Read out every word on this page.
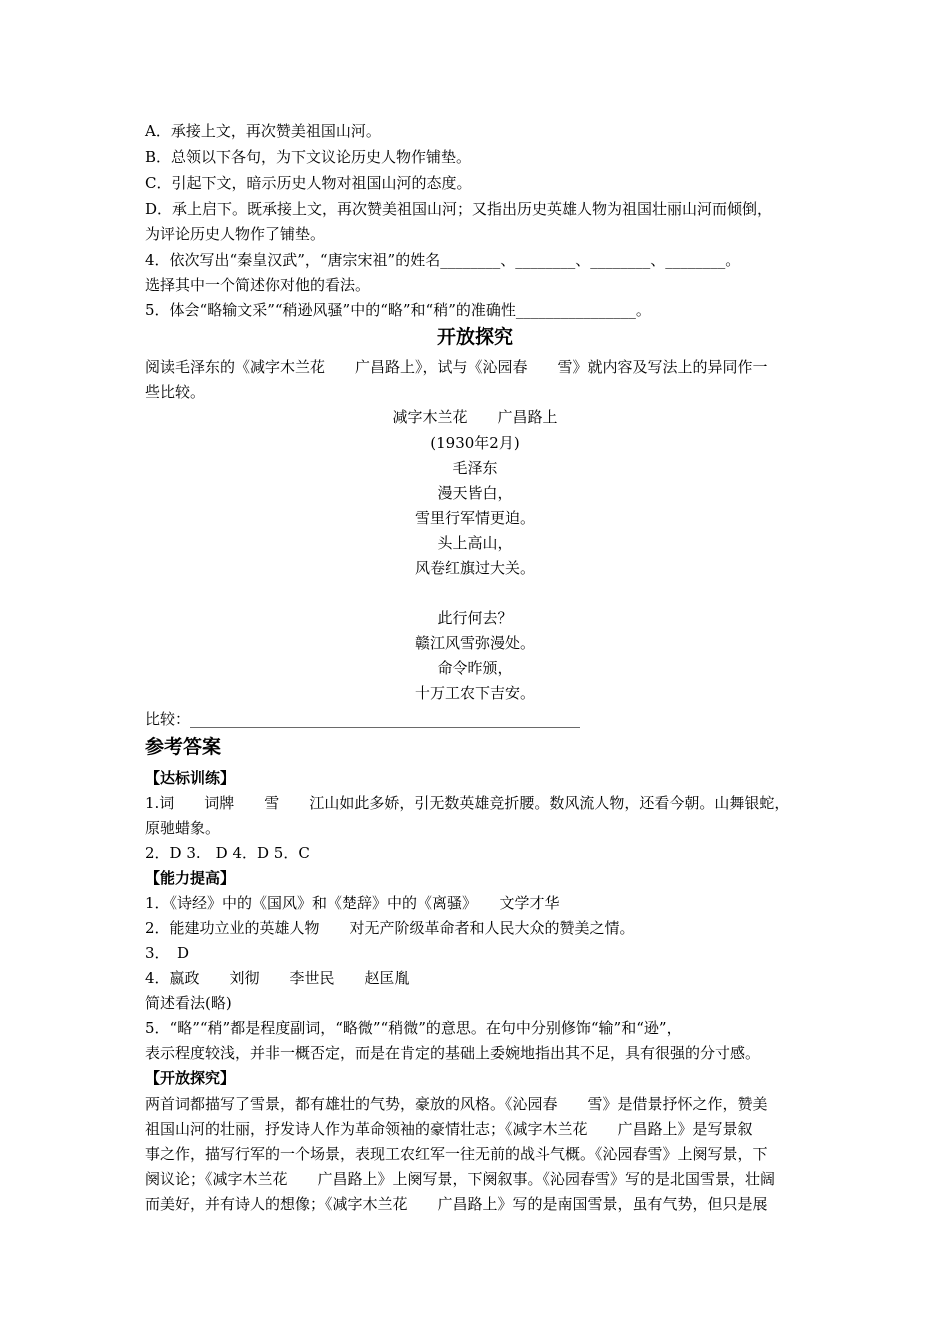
A．承接上文，再次赞美祖国山河。
B．总领以下各句，为下文议论历史人物作铺垫。
C．引起下文，暗示历史人物对祖国山河的态度。
D．承上启下。既承接上文，再次赞美祖国山河；又指出历史英雄人物为祖国壮丽山河而倾倒，
为评论历史人物作了铺垫。
4．依次写出“秦皇汉武”，“唐宗宋祖”的姓名________、________、________、________。
选择其中一个简述你对他的看法。
5．体会“略输文采”“稍逊风骚”中的“略”和“稍”的准确性________________。
开放探究
阅读毛泽东的《减字木兰花　　广昌路上》，试与《沁园春　　雪》就内容及写法上的异同作一
些比较。
减字木兰花　　广昌路上
(1930年2月)
毛泽东
漫天皆白，
雪里行军情更迫。
头上高山，
风卷红旗过大关。
此行何去？
赣江风雪弥漫处。
命令昨颁，
十万工农下吉安。
比较：____________________________________________________
参考答案
【达标训练】
1.词　　词牌　　雪　　江山如此多娇，引无数英雄竞折腰。数风流人物，还看今朝。山舞银蛇，
原驰蜡象。
2．D 3.　D 4．D 5．C
【能力提高】
1．《诗经》中的《国风》和《楚辞》中的《离骚》　　文学才华
2．能建功立业的英雄人物　　对无产阶级革命者和人民大众的赞美之情。
3．　D
4．嬴政　　刘彻　　李世民　　赵匡胤
简述看法(略)
5．“略”“稍”都是程度副词，“略微”“稍微”的意思。在句中分别修饰“输”和“逊”，
表示程度较浅，并非一概否定，而是在肯定的基础上委婉地指出其不足，具有很强的分寸感。
【开放探究】
两首词都描写了雪景，都有雄壮的气势，豪放的风格。《沁园春　　雪》是借景抒怀之作，赞美
祖国山河的壮丽，抒发诗人作为革命领袖的豪情壮志；《减字木兰花　　广昌路上》是写景叙
事之作，描写行军的一个场景，表现工农红军一往无前的战斗气概。《沁园春雪》上阕写景，下
阕议论；《减字木兰花　　广昌路上》上阕写景，下阕叙事。《沁园春雪》写的是北国雪景，壮阔
而美好，并有诗人的想像；《减字木兰花　　广昌路上》写的是南国雪景，虽有气势，但只是展
